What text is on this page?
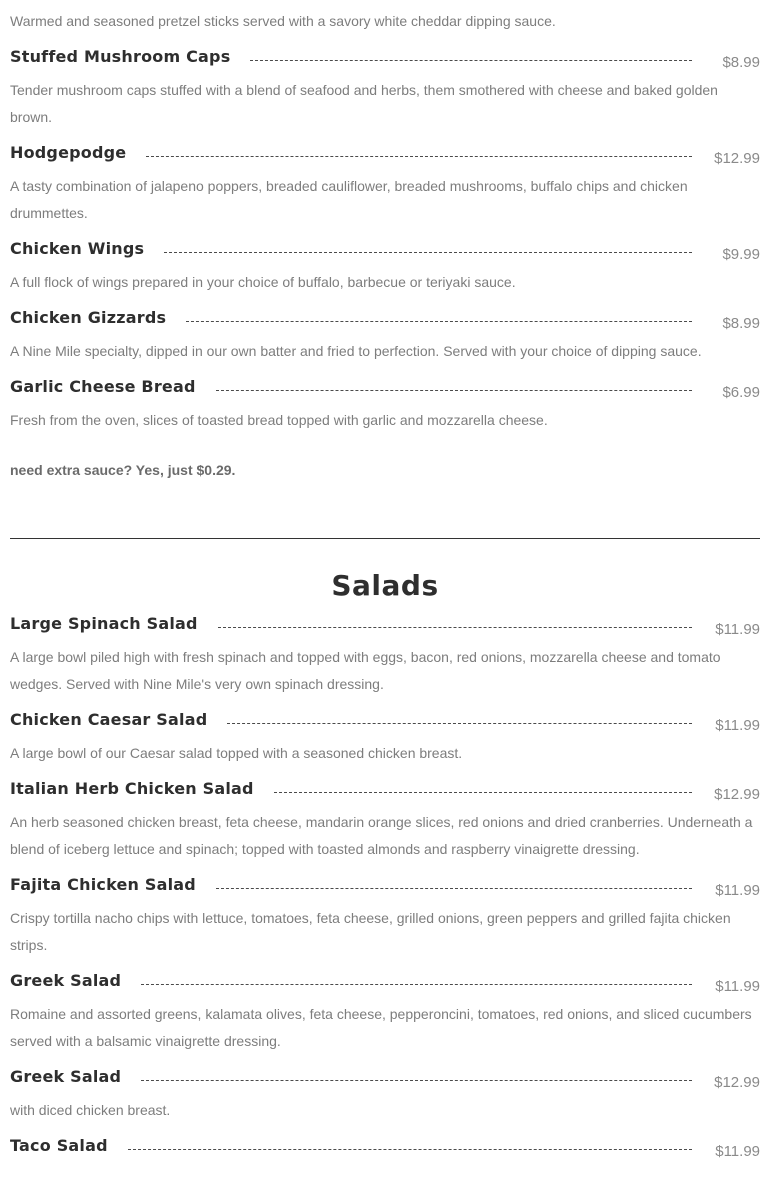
Warmed and seasoned pretzel sticks served with a savory white cheddar dipping sauce.

Stuffed Mushroom Caps	$8.99

Tender mushroom caps stuffed with a blend of seafood and herbs, them smothered with cheese and baked golden brown.

Hodgepodge	$12.99

A tasty combination of jalapeno poppers, breaded cauliflower, breaded mushrooms, buffalo chips and chicken drummettes.

Chicken Wings	$9.99

A full flock of wings prepared in your choice of buffalo, barbecue or teriyaki sauce.

Chicken Gizzards	$8.99

A Nine Mile specialty, dipped in our own batter and fried to perfection. Served with your choice of dipping sauce.

Garlic Cheese Bread	$6.99

Fresh from the oven, slices of toasted bread topped with garlic and mozzarella cheese.

need extra sauce? Yes, just $0.29.

Salads
Large Spinach Salad	$11.99

A large bowl piled high with fresh spinach and topped with eggs, bacon, red onions, mozzarella cheese and tomato wedges. Served with Nine Mile's very own spinach dressing.

Chicken Caesar Salad	$11.99

A large bowl of our Caesar salad topped with a seasoned chicken breast.

Italian Herb Chicken Salad	$12.99

An herb seasoned chicken breast, feta cheese, mandarin orange slices, red onions and dried cranberries. Underneath a blend of iceberg lettuce and spinach; topped with toasted almonds and raspberry vinaigrette dressing.

Fajita Chicken Salad	$11.99

Crispy tortilla nacho chips with lettuce, tomatoes, feta cheese, grilled onions, green peppers and grilled fajita chicken strips.

Greek Salad	$11.99

Romaine and assorted greens, kalamata olives, feta cheese, pepperoncini, tomatoes, red onions, and sliced cucumbers served with a balsamic vinaigrette dressing.

Greek Salad	$12.99

with diced chicken breast.

Taco Salad	$11.99
